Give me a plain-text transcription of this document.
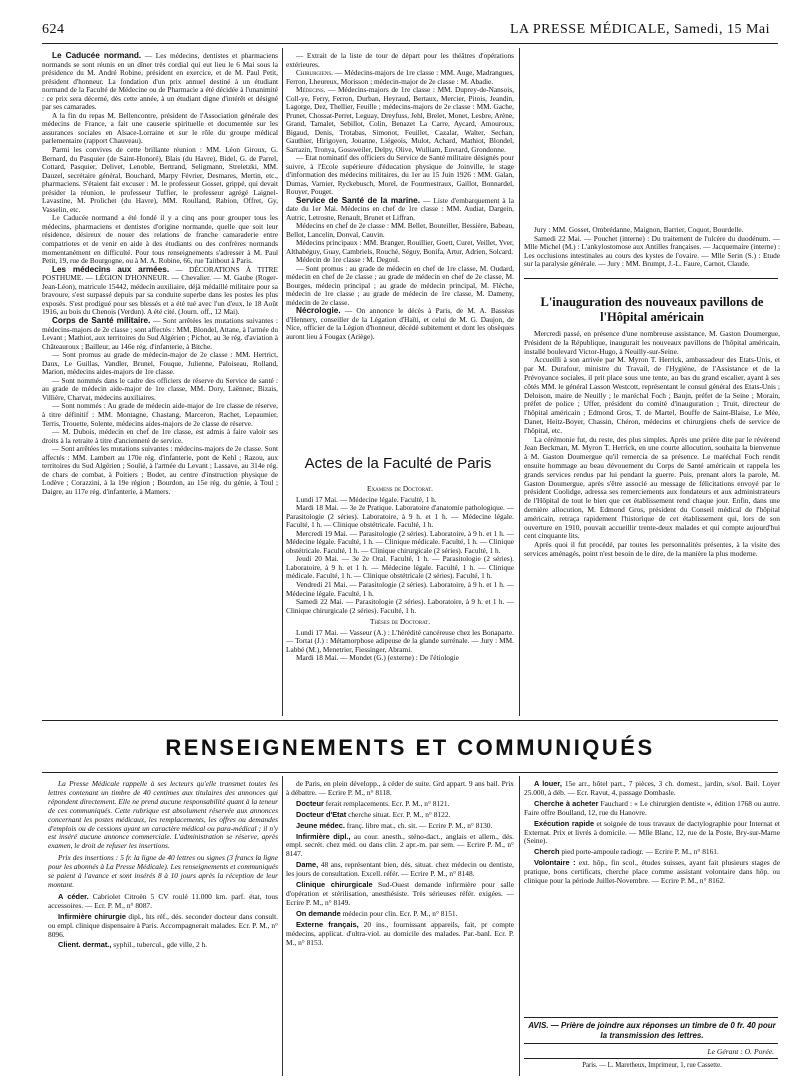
624	LA PRESSE MÉDICALE, Samedi, 15 Mai

Le Caducée normand. — Les médecins, dentistes et pharmaciens normands se sont réunis en un dîner très cordial qui eut lieu le 6 Mai sous la présidence du M. André Robine, président en exercice, et de M. Paul Petit, président d'honneur. La fondation d'un prix annuel destiné à un étudiant normand de la Faculté de Médecine ou de Pharmacie a été décidée à l'unanimité : ce prix sera décerné, dès cette année, à un étudiant digne d'intérêt et désigné par ses camarades.

A la fin du repas M. Bellencontre, président de l'Association générale des médecins de France, a fait une causerie spirituelle et documentée sur les assurances sociales en Alsace-Lorraine et sur le rôle du groupe médical parlementaire (rapport Chauveau).

Parmi les convives de cette brillante réunion : MM. Léon Giroux, G. Bernard, du Pasquier (de Saint-Honoré), Blais (du Havre), Bidel, G. de Parrel, Cottard, Pasquier, Delivet, Lenoble, Bertrand, Seligmann, Streletzki, MM. Dauzel, secrétaire général, Bouchard, Marpy Février, Desmares, Mertin, etc., pharmaciens. S'étaient fait excuser : M. le professeur Gosset, grippé, qui devait présider la réunion, le professeur Tuffier, le professeur agrégé Laignel-Lavastine, M. Prolichet (du Havre), MM. Roulland, Rabion, Offret, Gy, Vasselin, etc.

Le Caducée normand a été fondé il y a cinq ans pour grouper tous les médecins, pharmaciens et dentistes d'origine normande, quelle que soit leur résidence, désireux de nouer des relations de franche camaraderie entre compatriotes et de venir en aide à des étudiants ou des confrères normands momentanément en difficulté. Pour tous renseignements s'adresser à M. Paul Petit, 19, rue de Bourgogne, ou à M. A. Robine, 66, rue Taitbout à Paris.

Les médecins aux armées. — DÉCORATIONS À TITRE POSTHUME. — LÉGION D'HONNEUR. — Chevalier. — M. Gaube (Roger-Jean-Léon), matricule 15442, médecin auxiliaire, déjà médaillé militaire pour sa bravoure, s'est surpassé depuis par sa conduite superbe dans les postes les plus exposés. S'est prodigué pour ses blessés et a été tué avec l'un d'eux, le 18 Août 1916, au bois du Chenois (Verdun). A été cité. (Journ. off., 12 Mai).

Corps de Santé militaire. — Sont arrêtées les mutations suivantes : médecins-majors de 2e classe ; sont affectés : MM. Blondel, Attane, à l'armée du Levant ; Mathiot, aux territoires du Sud Algérien ; Pichot, au 3e rég. d'aviation à Châteauroux ; Bailleur, au 146e rég. d'infanterie, à Bitche.

— Sont promus au grade de médecin-major de 2e classe : MM. Hertrict, Daux, Le Guillas, Vandler, Brunel, Fouque, Julienne, Paloiseau, Rolland, Marion, médecins aides-majors de 1re classe.

— Sont nommés dans le cadre des officiers de réserve du Service de santé : au grade de médecin aide-major de 1re classe, MM. Dory, Laënnec, Bizais, Villière, Charvat, médecins auxiliaires.

— Sont nommés : Au grade de médecin aide-major de 1re classe de réserve, à titre définitif : MM. Montagne, Chastang, Marceron, Rachet, Lepaumier, Terris, Trouette, Solente, médecins aides-majors de 2e classe de réserve.

— M. Dubois, médecin en chef de 1re classe, est admis à faire valoir ses droits à la retraite à titre d'ancienneté de service.

— Sont arrêtées les mutations suivantes : médecins-majors de 2e classe. Sont affectés : MM. Lambert au 170e rég. d'infanterie, pont de Kehl ; Razou, aux territoires du Sud Algérien ; Soulié, à l'armée du Levant ; Lassave, au 314e rég. de chars de combat, à Poitiers ; Bodet, au centre d'instruction physique de Lodève ; Corazzini, à la 19e région ; Bourdon, au 15e rég. du génie, à Toul ; Daigre, au 117e rég. d'infanterie, à Mamers.

— Extrait de la liste de tour de départ pour les théâtres d'opérations extérieures.

Chirurgiens. — Médecins-majors de 1re classe : MM. Auge, Madrangues, Ferron, Lheureux, Morisson ; médecin-major de 2e classe : M. Abadie.

Médecins. — Médecins-majors de 1re classe : MM. Duprey-de-Nansois, Coll-ye, Ferry, Ferron, Durban, Heyraud, Bertaux, Mercier, Pitois, Jeandin, Lagorge, Dez, Thellier, Feuille ; médecins-majors de 2e classe : MM. Gache, Prunet, Chossat-Perret, Leguay, Dreyfuss, Jehl, Brelet, Monet, Lesbre, Arène, Grand, Tamalet, Sebillot, Colin, Benazet La Carre, Aycard, Amouroux, Bigaud, Denis, Trotabas, Simonot, Feuillet, Cazalar, Walter, Sechan, Gauthier, Hirigoyen, Jouanne, Liégeois, Mulot, Achard, Mathiot, Blondel, Sarrazin, Tronya, Gossweiler, Delpy, Olive, Wulliam, Euvrard, Grondonne.

— Etat nominatif des officiers du Service de Santé militaire désignés pour suivre, à l'Ecole supérieure d'éducation physique de Joinville, le stage d'information des médecins militaires, du 1er au 15 Juin 1926 : MM. Galan, Dumas, Varnier, Ryckebusch, Morel, de Fourmestraux, Gaillot, Bonnardel, Rouyer, Pouget.

Service de Santé de la marine. — Liste d'embarquement à la date du 1er Mai. Médecins en chef de 1re classe : MM. Audiat, Dargein, Autric, Letrosne, Renault, Brunet et Liffran.

Médecins en chef de 2e classe : MM. Bellet, Bouteiller, Bessière, Babeau, Bellot, Lancelin, Donval, Cauvin.

Médecins principaux : MM. Branger, Rouillier, Goett, Curet, Veillet, Yver, Althabéguy, Guay, Cambriels, Rouché, Séguy, Bonifa, Artur, Adrien, Solcard.

Médecin de 1re classe : M. Degoul.

— Sont promus : au grade de médecin en chef de 1re classe, M. Oudard, médecin en chef de 2e classe ; au grade de médecin en chef de 2e classe, M. Bourges, médecin principal ; au grade de médecin principal, M. Flèche, médecin de 1re classe ; au grade de médecin de 1re classe, M. Dameny, médecin de 2e classe.

Nécrologie. — On annonce le décès à Paris, de M. A. Bassèas d'Hennery, conseiller de la Légation d'Haïti, et celui de M. G. Daujon, de Nice, officier de la Légion d'honneur, décédé subitement et dont les obsèques auront lieu à Fougax (Ariège).

Actes de la Faculté de Paris

Examens de Doctorat.

Lundi 17 Mai. — Médecine légale. Faculté, 1 h.

Mardi 18 Mai. — 3e 2e Pratique. Laboratoire d'anatomie pathologique. — Parasitologie (2 séries). Laboratoire, à 9 h. et 1 h. — Médecine légale. Faculté, 1 h. — Clinique obstétricale. Faculté, 1 h.

Mercredi 19 Mai. — Parasitologie (2 séries). Laboratoire, à 9 h. et 1 h. — Médecine légale. Faculté, 1 h. — Clinique médicale. Faculté, 1 h. — Clinique obstétricale. Faculté, 1 h. — Clinique chirurgicale (2 séries). Faculté, 1 h.

Jeudi 20 Mai. — 3e 2e Oral. Faculté, 1 h. — Parasitologie (2 séries). Laboratoire, à 9 h. et 1 h. — Médecine légale. Faculté, 1 h. — Clinique médicale. Faculté, 1 h. — Clinique obstétricale (2 séries). Faculté, 1 h.

Vendredi 21 Mai. — Parasitologie (2 séries). Laboratoire, à 9 h. et 1 h. — Médecine légale. Faculté, 1 h.

Samedi 22 Mai. — Parasitologie (2 séries). Laboratoire, à 9 h. et 1 h. — Clinique chirurgicale (2 séries). Faculté, 1 h.

Thèses de Doctorat.

Lundi 17 Mai. — Vasseur (A.) : L'hérédité cancéreuse chez les Bonaparte. — Tortat (J.) : Métamorphose adipeuse de la glande surrénale. — Jury : MM. Labbé (M.), Menetrier, Fiessinger, Abrami.

Mardi 18 Mai. — Mondet (G.) (externe) : De l'étiologie

Jury : MM. Gosset, Ombrédanne, Maignon, Barrier, Coquot, Bourdelle.

Samedi 22 Mai. — Pouchet (interne) : Du traitement de l'ulcère du duodénum. — Mlle Michel (M.) : L'ankylostomose aux Antilles françaises. — Jacquemaire (interne) : Les occlusions intestinales au cours des kystes de l'ovaire. — Mlle Serin (S.) : Etude sur la paralysie générale. — Jury : MM. Brumpt, J.-L. Faure, Carnot, Claude.

L'inauguration des nouveaux pavillons de l'Hôpital américain

Mercredi passé, en présence d'une nombreuse assistance, M. Gaston Doumergue, Président de la République, inaugurait les nouveaux pavillons de l'hôpital américain, installé boulevard Victor-Hugo, à Neuilly-sur-Seine.

Accueilli à son arrivée par M. Myron T. Herrick, ambassadeur des Etats-Unis, et par M. Durafour, ministre du Travail, de l'Hygiène, de l'Assistance et de la Prévoyance sociales, il prit place sous une tente, au bas du grand escalier, ayant à ses côtés MM. le général Lasson Westcott, représentant le consul général des Etats-Unis ; Deloison, maire de Neuilly ; le maréchal Foch ; Baujn, préfet de la Seine ; Morain, préfet de police ; Uffer, président du comité d'inauguration ; Truit, directeur de l'hôpital américain ; Edmond Gros, T. de Martel, Bouffe de Saint-Blaise, Le Mée, Danet, Heitz-Boyer, Chassin, Chéron, médecins et chirurgiens chefs de service de l'hôpital, etc.

La cérémonie fut, du reste, des plus simples. Après une prière dite par le révérend Jean Beckman, M. Myron T. Herrick, en une courte allocution, souhaita la bienvenue à M. Gaston Doumergue qu'il remercia de sa présence. Le maréchal Foch rendit ensuite hommage au beau dévouement du Corps de Santé américain et rappela les grands services rendus par lui pendant la guerre. Puis, prenant alors la parole, M. Gaston Doumergue, après s'être associé au message de félicitations envoyé par le président Coolidge, adressa ses remerciements aux fondateurs et aux administrateurs de l'Hôpital de tout le bien que cet établissement rend chaque jour. Enfin, dans une dernière allocution, M. Edmond Gros, président du Conseil médical de l'hôpital américain, retraça rapidement l'historique de cet établissement qui, lors de son ouverture en 1910, pouvait accueillir trente-deux malades et qui compte aujourd'hui cent cinquante lits.

Après quoi il fut procédé, par toutes les personnalités présentes, à la visite des services aménagés, point n'est besoin de le dire, de la manière la plus moderne.

RENSEIGNEMENTS ET COMMUNIQUÉS

La Presse Médicale rappelle à ses lecteurs qu'elle transmet toutes les lettres contenant un timbre de 40 centimes aux titulaires des annonces qui répondent directement. Elle ne prend aucune responsabilité quant à la teneur de ces communiqués. Cette rubrique est absolument réservée aux annonces concernant les postes médicaux, les remplacements, les offres ou demandes d'emplois ou de cessions ayant un caractère médical ou para-médical ; il n'y est inséré aucune annonce commerciale. L'administration se réserve, après examen, le droit de refuser les insertions.

Prix des insertions : 5 fr. la ligne de 40 lettres ou signes (3 francs la ligne pour les abonnés à La Presse Médicale). Les renseignements et communiqués se paient à l'avance et sont insérés 8 à 10 jours après la réception de leur montant.

A céder. Cabriolet Citroën 5 CV roulé 11.000 km. parf. état, tous accessoires. — Ecr. P. M., n° 8087.

Infirmière chirurgie dipl., hts réf., dés. seconder docteur dans consult. ou empl. clinique dispensaire à Paris. Accompagnerait malades. Ecr. P. M., n° 8096.

Client. dermat., syphil., tubercul., gde ville, 2 h.

de Paris, en plein développ., à céder de suite. Grd appart. 9 ans bail. Prix à débattre. — Ecrire P. M., n° 8118.

Docteur ferait remplacements. Ecr. P. M., n° 8121.

Docteur d'Etat cherche situat. Ecr. P. M., n° 8122.

Jeune médec. franç. libre mat., ch. sit. — Ecrire P. M., n° 8130.

Infirmière dipl., au cour. anesth., sténo-dact., anglais et allem., dés. empl. secrét. chez méd. ou dans clin. 2 apr.-m. par sem. — Ecrire P. M., n° 8147.

Dame, 48 ans, représentant bien, dés. situat. chez médecin ou dentiste, les jours de consultation. Excell. référ. — Ecrire P. M., n° 8148.

Clinique chirurgicale Sud-Ouest demande infirmière pour salle d'opération et stérilisation, anesthésiste. Très sérieuses référ. exigées. — Ecrire P. M., n° 8149.

On demande médecin pour clin. Ecr. P. M., n° 8151.

Externe français, 20 ins., fournissant appareils, fait, pr compte médecins, applicat. d'ultra-viol. au domicile des malades. Par.-banl. Ecr. P. M., n° 8153.

A louer, 15e arr., hôtel part., 7 pièces, 3 ch. domest., jardin, s/sol. Bail. Loyer 25.000, à déb. — Ecr. Ravut, 4, passage Dombasle.

Cherche à acheter Fauchard : « Le chirurgien dentiste », édition 1768 ou autre. Faire offre Boulland, 12, rue du Hanovre.

Exécution rapide et soignée de tous travaux de dactylographie pour Internat et Externat. Prix et livrés à domicile. — Mlle Blanc, 12, rue de la Poste, Bry-sur-Marne (Seine).

Cherch pied porte-ampoule radiogr. — Ecrire P. M., n° 8161.

Volontaire : ext. hôp., fin scol., études suisses, ayant fait plusieurs stages de pratique, bons certificats, cherche place comme assistant volontaire dans hôp. ou clinique pour la période Juillet-Novembre. — Ecrire P. M., n° 8162.

AVIS. — Prière de joindre aux réponses un timbre de 0 fr. 40 pour la transmission des lettres.
Le Gérant : O. Porée.
Paris. — L. Maretheux, Imprimeur, 1, rue Cassette.
